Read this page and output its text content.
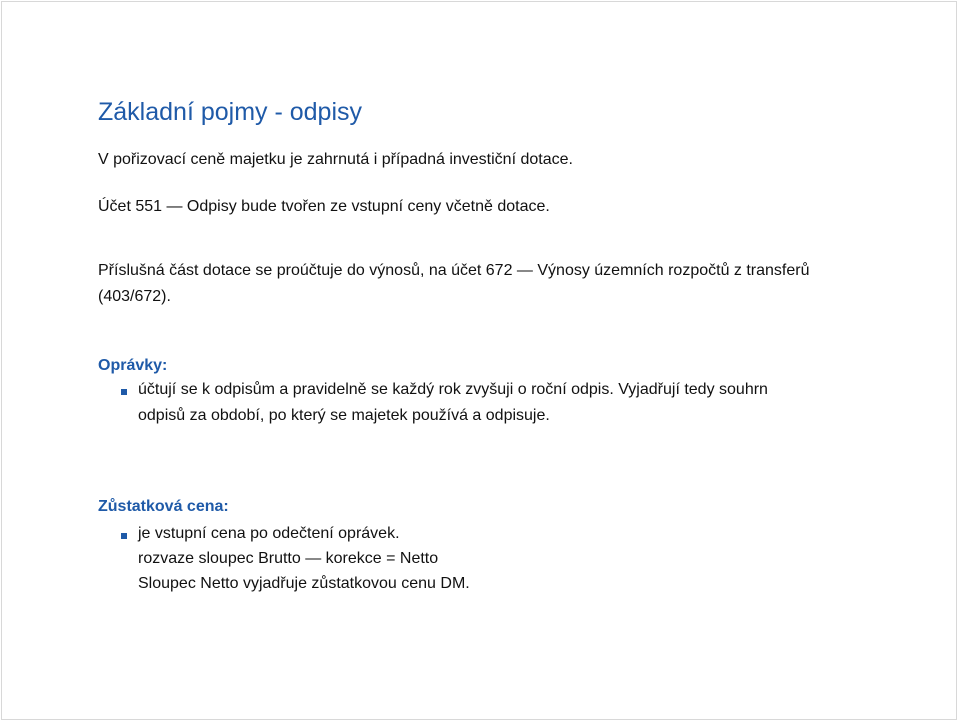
Základní pojmy - odpisy
V pořizovací ceně majetku je zahrnutá i případná investiční dotace.
Účet 551 — Odpisy bude tvořen ze vstupní ceny včetně dotace.
Příslušná část dotace se proúčtuje do výnosů, na účet 672 — Výnosy územních rozpočtů z transferů
(403/672).
Oprávky:
účtují se k odpisům a pravidelně se každý rok zvyšuji o roční odpis. Vyjadřují tedy souhrn
odpisů za období, po který se majetek používá a odpisuje.
Zůstatková cena:
je vstupní cena po odečtení oprávek.
rozvaze sloupec Brutto — korekce = Netto
Sloupec Netto vyjadřuje zůstatkovou cenu DM.
